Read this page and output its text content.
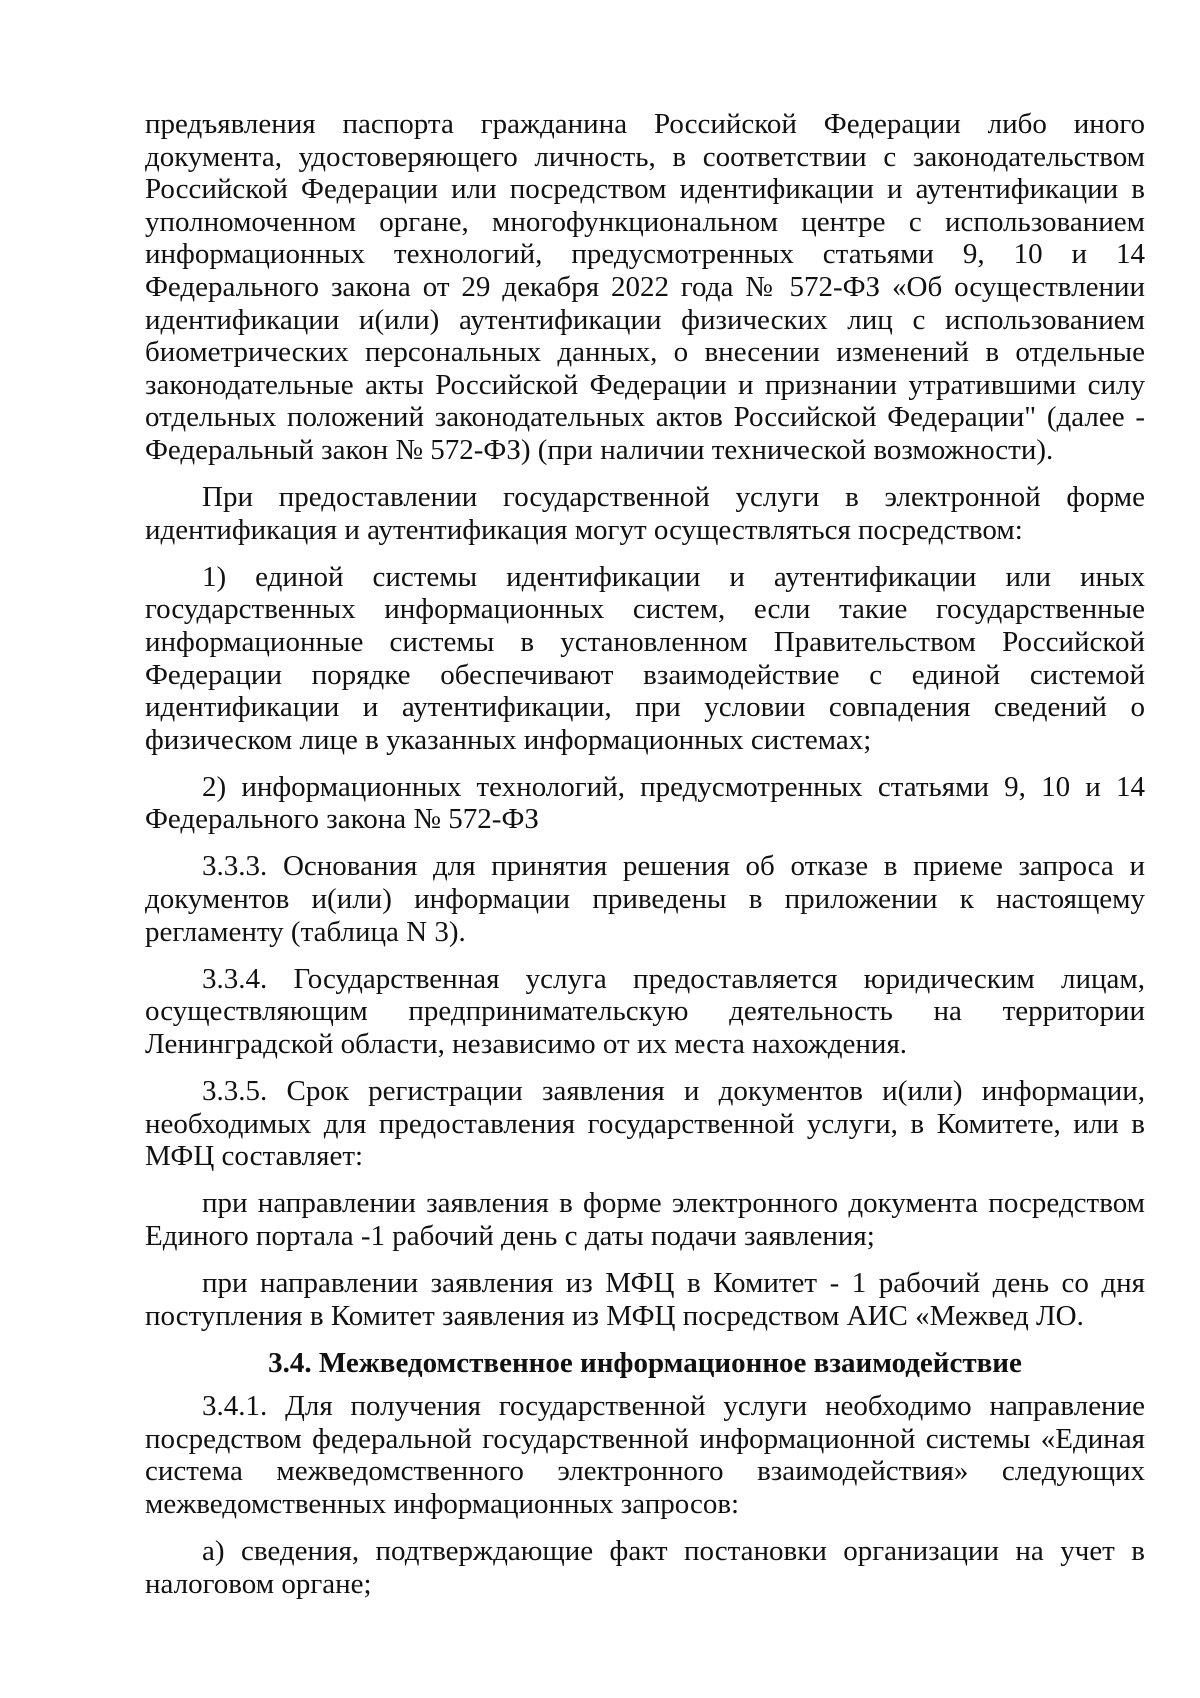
предъявления паспорта гражданина Российской Федерации либо иного документа, удостоверяющего личность, в соответствии с законодательством Российской Федерации или посредством идентификации и аутентификации в уполномоченном органе, многофункциональном центре с использованием информационных технологий, предусмотренных статьями 9, 10 и 14 Федерального закона от 29 декабря 2022 года № 572-ФЗ «Об осуществлении идентификации и(или) аутентификации физических лиц с использованием биометрических персональных данных, о внесении изменений в отдельные законодательные акты Российской Федерации и признании утратившими силу отдельных положений законодательных актов Российской Федерации" (далее - Федеральный закон № 572-ФЗ) (при наличии технической возможности).

При предоставлении государственной услуги в электронной форме идентификация и аутентификация могут осуществляться посредством:

1) единой системы идентификации и аутентификации или иных государственных информационных систем, если такие государственные информационные системы в установленном Правительством Российской Федерации порядке обеспечивают взаимодействие с единой системой идентификации и аутентификации, при условии совпадения сведений о физическом лице в указанных информационных системах;

2) информационных технологий, предусмотренных статьями 9, 10 и 14 Федерального закона № 572-ФЗ

3.3.3. Основания для принятия решения об отказе в приеме запроса и документов и(или) информации приведены в приложении к настоящему регламенту (таблица N 3).

3.3.4. Государственная услуга предоставляется юридическим лицам, осуществляющим предпринимательскую деятельность на территории Ленинградской области, независимо от их места нахождения.

3.3.5. Срок регистрации заявления и документов и(или) информации, необходимых для предоставления государственной услуги, в Комитете, или в МФЦ составляет:

при направлении заявления в форме электронного документа посредством Единого портала -1 рабочий день с даты подачи заявления;

при направлении заявления из МФЦ в Комитет - 1 рабочий день со дня поступления в Комитет заявления из МФЦ посредством АИС «Межвед ЛО.

3.4. Межведомственное информационное взаимодействие

3.4.1. Для получения государственной услуги необходимо направление посредством федеральной государственной информационной системы «Единая система межведомственного электронного взаимодействия» следующих межведомственных информационных запросов:

а) сведения, подтверждающие факт постановки организации на учет в налоговом органе;
